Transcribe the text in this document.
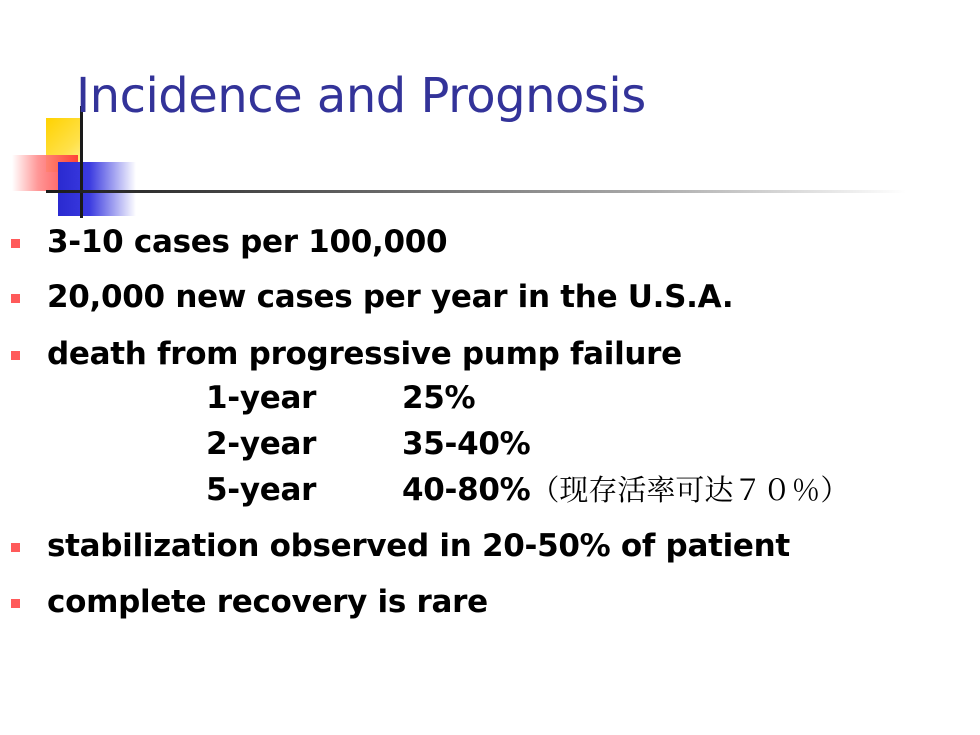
Incidence and Prognosis
3-10 cases per 100,000
20,000 new cases per year in the U.S.A.
death from progressive pump failure
1-year	25%
2-year	35-40%
5-year	40-80%（现存活率可达７０％）
stabilization observed in 20-50% of patient
complete recovery is rare
